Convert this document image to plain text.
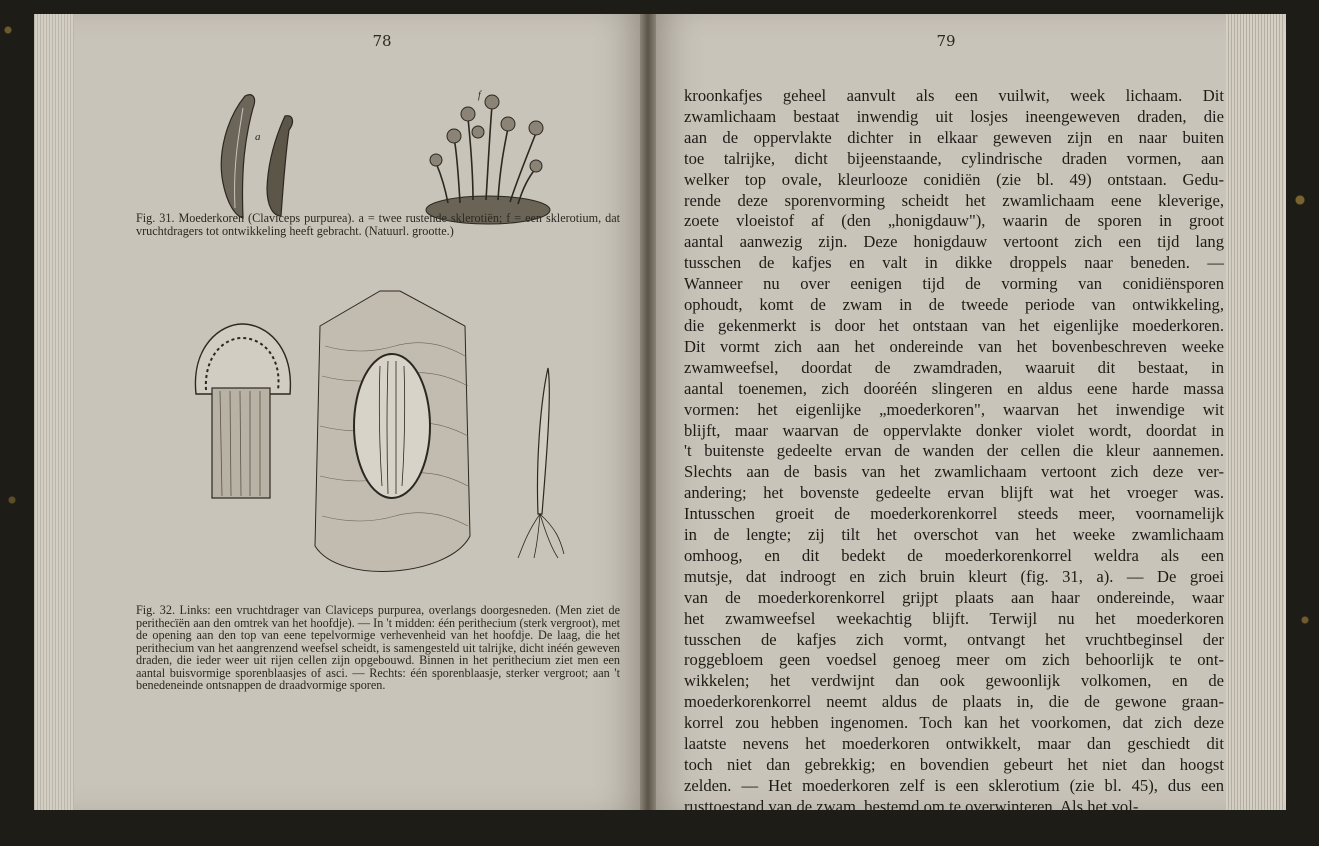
78	79
a
f
Fig. 31. Moederkoren (Claviceps purpurea). a = twee rustende sklerotiën; f = een sklerotium, dat vruchtdragers tot ontwikkeling heeft gebracht. (Natuurl. grootte.)
Fig. 32. Links: een vruchtdrager van Claviceps purpurea, overlangs doorgesneden. (Men ziet de perithecïën aan den omtrek van het hoofdje). — In 't midden: één perithecium (sterk vergroot), met de opening aan den top van eene tepelvormige verhevenheid van het hoofdje. De laag, die het perithecium van het aangrenzend weefsel scheidt, is samengesteld uit talrijke, dicht inéén geweven draden, die ieder weer uit rijen cellen zijn opgebouwd. Binnen in het perithecium ziet men een aantal buisvormige sporenblaasjes of asci. — Rechts: één sporenblaasje, sterker vergroot; aan 't benedeneinde ontsnappen de draadvormige sporen.
kroonkafjes geheel aanvult als een vuilwit, week lichaam. Dit
zwamlichaam bestaat inwendig uit losjes ineengeweven draden, die
aan de oppervlakte dichter in elkaar geweven zijn en naar buiten
toe talrijke, dicht bijeenstaande, cylindrische draden vormen, aan
welker top ovale, kleurlooze conidiën (zie bl. 49) ontstaan. Gedu-
rende deze sporenvorming scheidt het zwamlichaam eene kleverige,
zoete vloeistof af (den „honigdauw"), waarin de sporen in groot
aantal aanwezig zijn. Deze honigdauw vertoont zich een tijd lang
tusschen de kafjes en valt in dikke droppels naar beneden. —
Wanneer nu over eenigen tijd de vorming van conidiënsporen
ophoudt, komt de zwam in de tweede periode van ontwikkeling,
die gekenmerkt is door het ontstaan van het eigenlijke moederkoren.
Dit vormt zich aan het ondereinde van het bovenbeschreven weeke
zwamweefsel, doordat de zwamdraden, waaruit dit bestaat, in
aantal toenemen, zich dooréén slingeren en aldus eene harde massa
vormen: het eigenlijke „moederkoren", waarvan het inwendige wit
blijft, maar waarvan de oppervlakte donker violet wordt, doordat in
't buitenste gedeelte ervan de wanden der cellen die kleur aannemen.
Slechts aan de basis van het zwamlichaam vertoont zich deze ver-
andering; het bovenste gedeelte ervan blijft wat het vroeger was.
Intusschen groeit de moederkorenkorrel steeds meer, voornamelijk
in de lengte; zij tilt het overschot van het weeke zwamlichaam
omhoog, en dit bedekt de moederkorenkorrel weldra als een
mutsje, dat indroogt en zich bruin kleurt (fig. 31, a). — De groei
van de moederkorenkorrel grijpt plaats aan haar ondereinde, waar
het zwamweefsel weekachtig blijft. Terwijl nu het moederkoren
tusschen de kafjes zich vormt, ontvangt het vruchtbeginsel der
roggebloem geen voedsel genoeg meer om zich behoorlijk te ont-
wikkelen; het verdwijnt dan ook gewoonlijk volkomen, en de
moederkorenkorrel neemt aldus de plaats in, die de gewone graan-
korrel zou hebben ingenomen. Toch kan het voorkomen, dat zich deze
laatste nevens het moederkoren ontwikkelt, maar dan geschiedt dit
toch niet dan gebrekkig; en bovendien gebeurt het niet dan hoogst
zelden. — Het moederkoren zelf is een sklerotium (zie bl. 45), dus een
rusttoestand van de zwam, bestemd om te overwinteren. Als het vol-
